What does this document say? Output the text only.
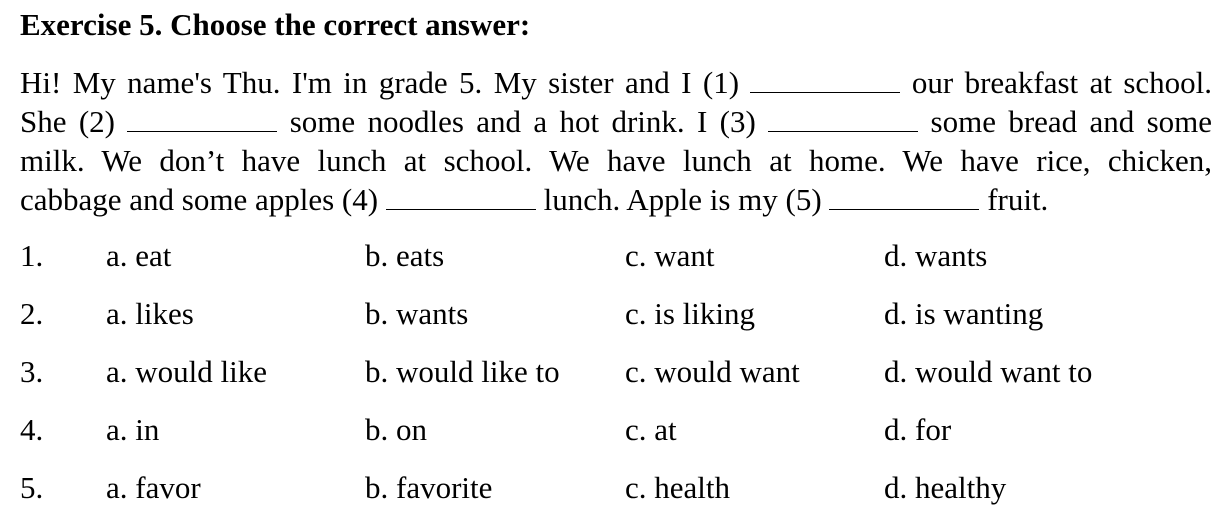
Exercise 5. Choose the correct answer:
Hi! My name's Thu. I'm in grade 5. My sister and I (1)	our breakfast at school.
She (2)	some noodles and a hot drink. I (3)	some bread and some
milk. We don’t have lunch at school. We have lunch at home. We have rice, chicken,
cabbage and some apples (4)	lunch. Apple is my (5)	fruit.
1. a. eat	b. eats	c. want	d. wants
2. a. likes	b. wants	c. is liking	d. is wanting
3. a. would like	b. would like to c. would want	d. would want to
4. a. in	b. on	c. at	d. for
5. a. favor	b. favorite	c. health	d. healthy
